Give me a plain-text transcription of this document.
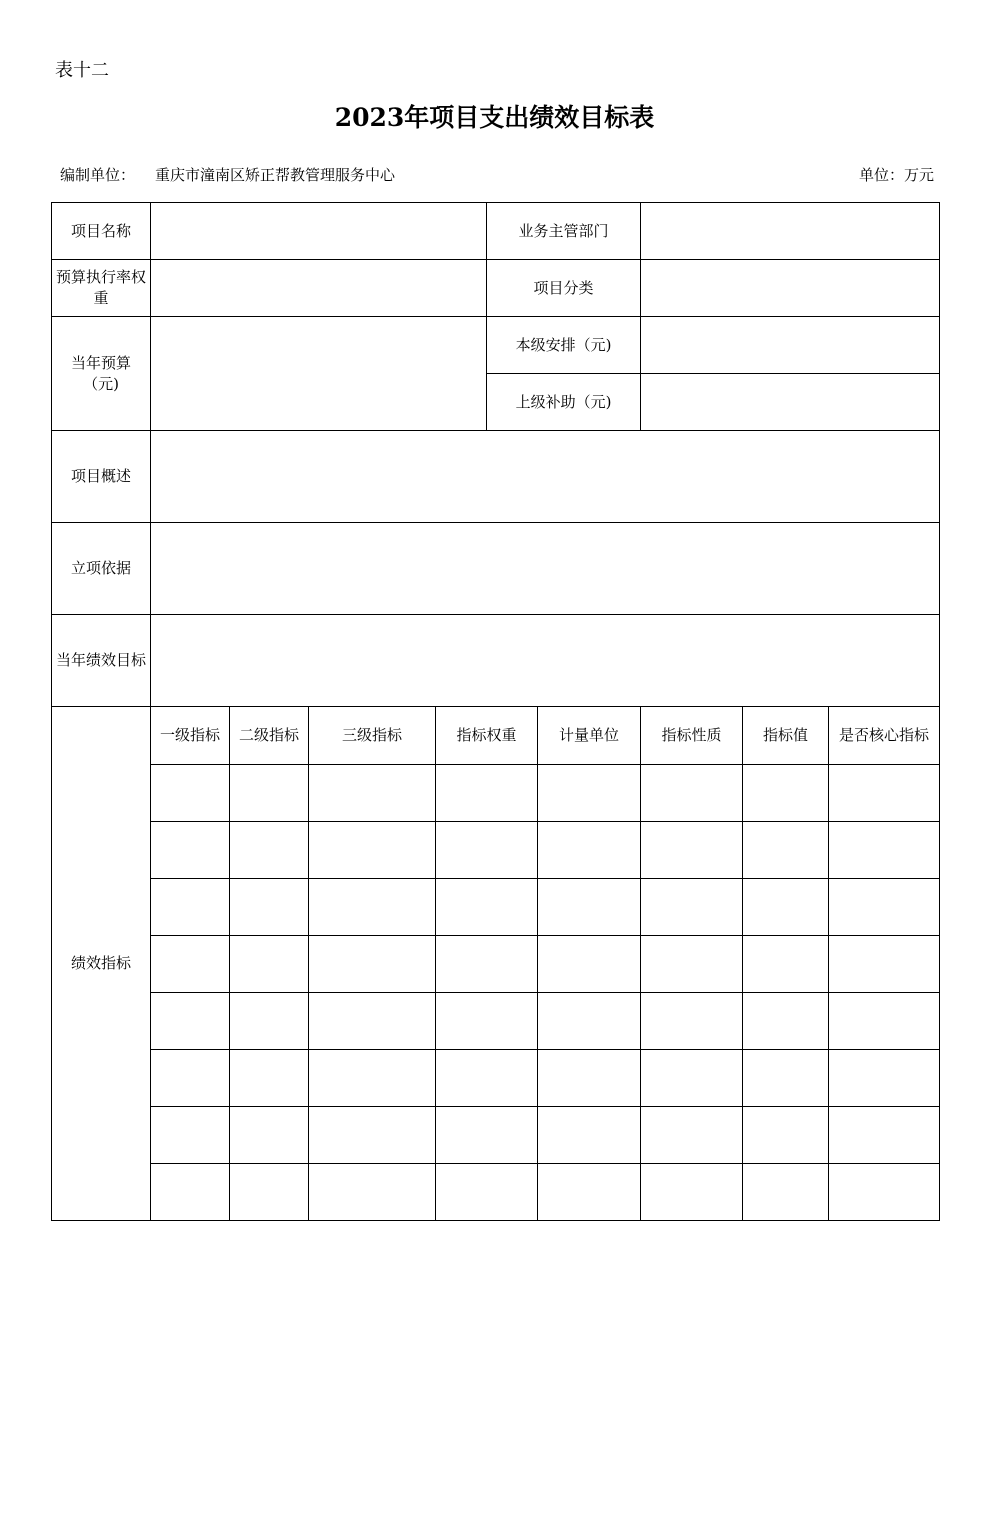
表十二
2023年项目支出绩效目标表
编制单位： 重庆市潼南区矫正帮教管理服务中心	单位：万元
项目名称					业务主管部门				
预算执行率权重					项目分类				
当年预算（元)					本级安排（元)				
					上级补助（元)				
项目概述									
立项依据									
当年绩效目标									
绩效指标	一级指标	二级指标	三级指标	指标权重		计量单位	指标性质	指标值	是否核心指标
